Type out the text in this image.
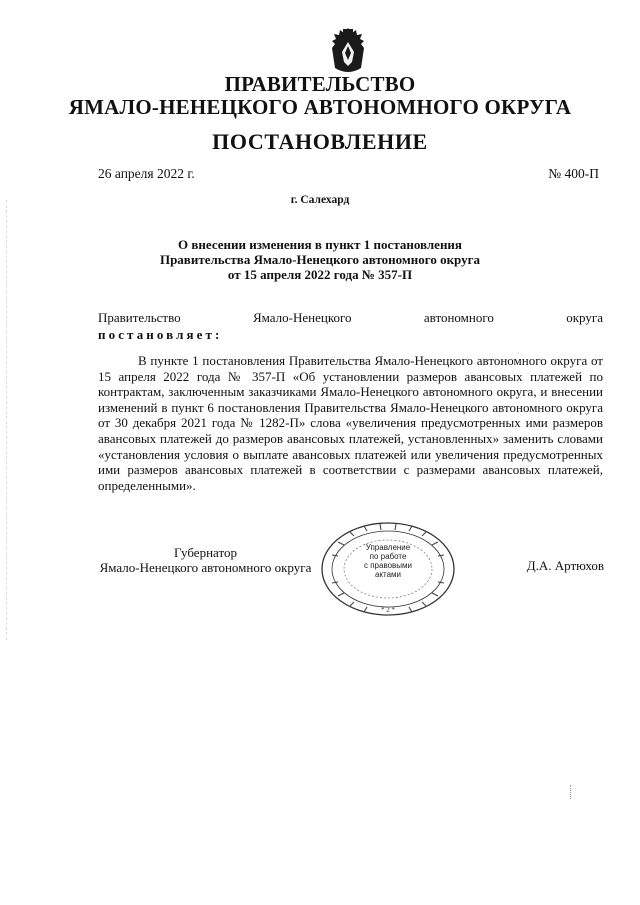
ПРАВИТЕЛЬСТВО
ЯМАЛО-НЕНЕЦКОГО АВТОНОМНОГО ОКРУГА
ПОСТАНОВЛЕНИЕ
26 апреля 2022 г.	№ 400-П
г. Салехард
О внесении изменения в пункт 1 постановления
Правительства Ямало-Ненецкого автономного округа
от 15 апреля 2022 года № 357-П
Правительство	Ямало-Ненецкого	автономного	округа
постановляет:

В пункте 1 постановления Правительства Ямало-Ненецкого автономного округа от 15 апреля 2022 года № 357-П «Об установлении размеров авансовых платежей по контрактам, заключенным заказчиками Ямало-Ненецкого автономного округа, и внесении изменений в пункт 6 постановления Правительства Ямало-Ненецкого автономного округа от 30 декабря 2021 года № 1282-П» слова «увеличения предусмотренных ими размеров авансовых платежей до размеров авансовых платежей, установленных» заменить словами «установления условия о выплате авансовых платежей или увеличения предусмотренных ими размеров авансовых платежей в соответствии с размерами авансовых платежей, определенными».

Губернатор
Ямало-Ненецкого автономного округа	Д.А. Артюхов
* 2 *
Управление
по работе
с правовыми
актами
